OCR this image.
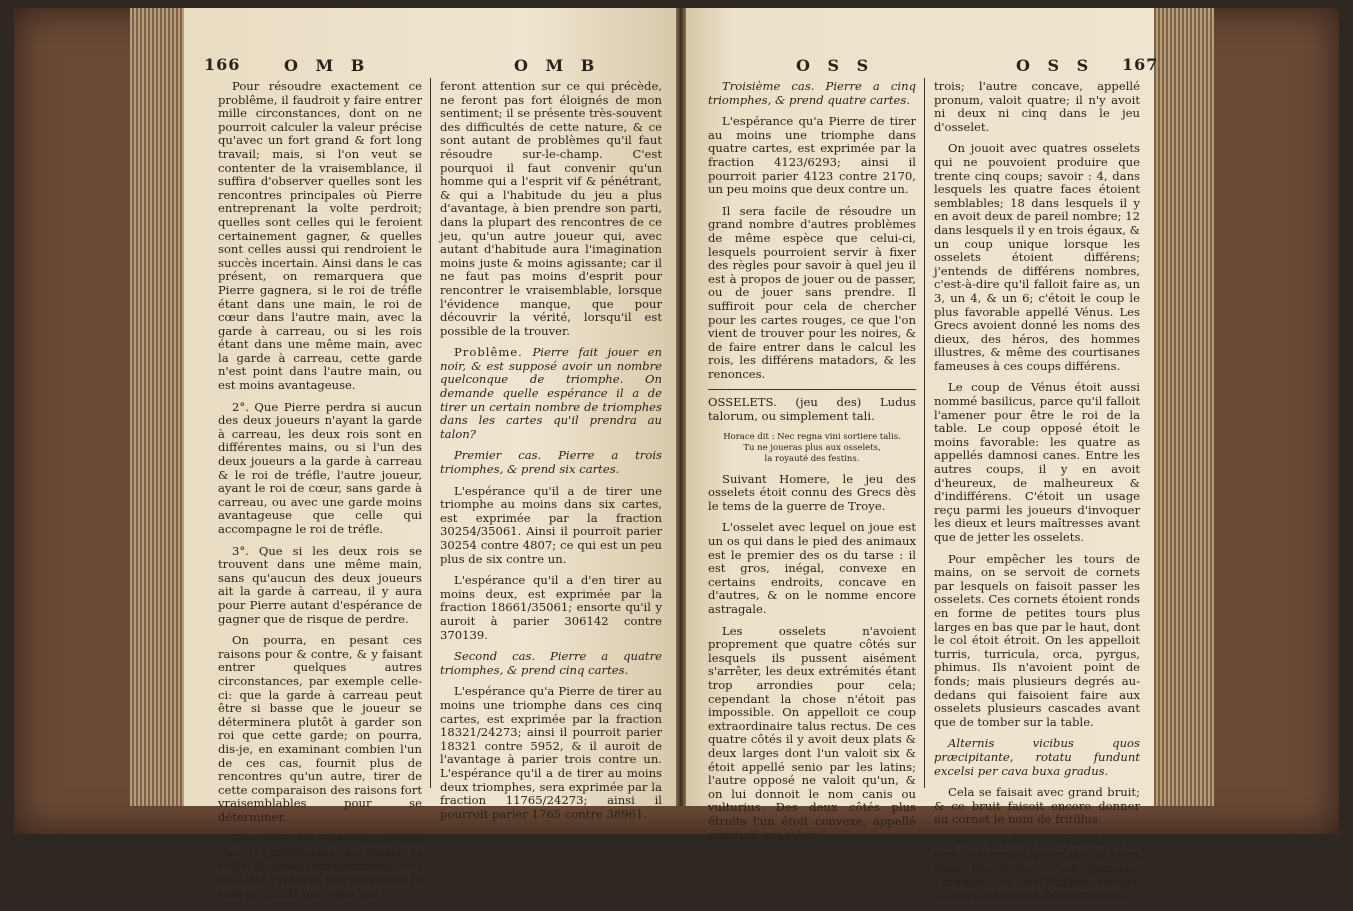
166	O M B	O M B

Pour résoudre exactement ce problême, il faudroit y faire entrer mille circonstances, dont on ne pourroit calculer la valeur précise qu'avec un fort grand & fort long travail; mais, si l'on veut se contenter de la vraisemblance, il suffira d'observer quelles sont les rencontres principales où Pierre entreprenant la volte perdroit; quelles sont celles qui le feroient certainement gagner, & quelles sont celles aussi qui rendroient le succès incertain. Ainsi dans le cas présent, on remarquera que Pierre gagnera, si le roi de tréfle étant dans une main, le roi de cœur dans l'autre main, avec la garde à carreau, ou si les rois étant dans une même main, avec la garde à carreau, cette garde n'est point dans l'autre main, ou est moins avantageuse.

2°. Que Pierre perdra si aucun des deux joueurs n'ayant la garde à carreau, les deux rois sont en différentes mains, ou si l'un des deux joueurs a la garde à carreau & le roi de tréfle, l'autre joueur, ayant le roi de cœur, sans garde à carreau, ou avec une garde moins avantageuse que celle qui accompagne le roi de tréfle.

3°. Que si les deux rois se trouvent dans une même main, sans qu'aucun des deux joueurs ait la garde à carreau, il y aura pour Pierre autant d'espérance de gagner que de risque de perdre.

On pourra, en pesant ces raisons pour & contre, & y faisant entrer quelques autres circonstances, par exemple celle-ci: que la garde à carreau peut être si basse que le joueur se déterminera plutôt à garder son roi que cette garde; on pourra, dis-je, en examinant combien l'un de ces cas, fournit plus de rencontres qu'un autre, tirer de cette comparaison des raisons fort vraisemblables pour se déterminer.

Pour moi, dit Montmor, j'avoue que je préférerois de tenter la volte; & quoiqu'apparemment cela n'ait été pratiqué par personne, je suis persuadé que ceux qui

feront attention sur ce qui précède, ne feront pas fort éloignés de mon sentiment; il se présente très-souvent des difficultés de cette nature, & ce sont autant de problèmes qu'il faut résoudre sur-le-champ. C'est pourquoi il faut convenir qu'un homme qui a l'esprit vif & pénétrant, & qui a l'habitude du jeu a plus d'avantage, à bien prendre son parti, dans la plupart des rencontres de ce jeu, qu'un autre joueur qui, avec autant d'habitude aura l'imagination moins juste & moins agissante; car il ne faut pas moins d'esprit pour rencontrer le vraisemblable, lorsque l'évidence manque, que pour découvrir la vérité, lorsqu'il est possible de la trouver.

Problême. Pierre fait jouer en noir, & est supposé avoir un nombre quelconque de triomphe. On demande quelle espérance il a de tirer un certain nombre de triomphes dans les cartes qu'il prendra au talon?

Premier cas. Pierre a trois triomphes, & prend six cartes.

L'espérance qu'il a de tirer une triomphe au moins dans six cartes, est exprimée par la fraction 30254/35061. Ainsi il pourroit parier 30254 contre 4807; ce qui est un peu plus de six contre un.

L'espérance qu'il a d'en tirer au moins deux, est exprimée par la fraction 18661/35061; ensorte qu'il y auroit à parier 306142 contre 370139.

Second cas. Pierre a quatre triomphes, & prend cinq cartes.

L'espérance qu'a Pierre de tirer au moins une triomphe dans ces cinq cartes, est exprimée par la fraction 18321/24273; ainsi il pourroit parier 18321 contre 5952, & il auroit de l'avantage à parier trois contre un. L'espérance qu'il a de tirer au moins deux triomphes, sera exprimée par la fraction 11765/24273; ainsi il pourroit parier 1765 contre 38961.

O S S	O S S 167

Troisième cas. Pierre a cinq triomphes, & prend quatre cartes.

L'espérance qu'a Pierre de tirer au moins une triomphe dans quatre cartes, est exprimée par la fraction 4123/6293; ainsi il pourroit parier 4123 contre 2170, un peu moins que deux contre un.

Il sera facile de résoudre un grand nombre d'autres problèmes de même espèce que celui-ci, lesquels pourroient servir à fixer des règles pour savoir à quel jeu il est à propos de jouer ou de passer, ou de jouer sans prendre. Il suffiroit pour cela de chercher pour les cartes rouges, ce que l'on vient de trouver pour les noires, & de faire entrer dans le calcul les rois, les différens matadors, & les renonces.

OSSELETS. (jeu des) Ludus talorum, ou simplement tali.

Horace dit : Nec regna vini sortiere talis.
Tu ne joueras plus aux osselets,
la royauté des festins.

Suivant Homere, le jeu des osselets étoit connu des Grecs dès le tems de la guerre de Troye.

L'osselet avec lequel on joue est un os qui dans le pied des animaux est le premier des os du tarse : il est gros, inégal, convexe en certains endroits, concave en d'autres, & on le nomme encore astragale.

Les osselets n'avoient proprement que quatre côtés sur lesquels ils pussent aisément s'arrêter, les deux extrémités étant trop arrondies pour cela; cependant la chose n'étoit pas impossible. On appelloit ce coup extraordinaire talus rectus. De ces quatre côtés il y avoit deux plats & deux larges dont l'un valoit six & étoit appellé senio par les latins; l'autre opposé ne valoit qu'un, & on lui donnoit le nom canis ou vulturius. Des deux côtés plus étroits l'un étoit convexe, appellé supinum qui valoit

trois; l'autre concave, appellé pronum, valoit quatre; il n'y avoit ni deux ni cinq dans le jeu d'osselet.

On jouoit avec quatres osselets qui ne pouvoient produire que trente cinq coups; savoir : 4, dans lesquels les quatre faces étoient semblables; 18 dans lesquels il y en avoit deux de pareil nombre; 12 dans lesquels il y en trois égaux, & un coup unique lorsque les osselets étoient différens; j'entends de différens nombres, c'est-à-dire qu'il falloit faire as, un 3, un 4, & un 6; c'étoit le coup le plus favorable appellé Vénus. Les Grecs avoient donné les noms des dieux, des héros, des hommes illustres, & même des courtisanes fameuses à ces coups différens.

Le coup de Vénus étoit aussi nommé basilicus, parce qu'il falloit l'amener pour être le roi de la table. Le coup opposé étoit le moins favorable: les quatre as appellés damnosi canes. Entre les autres coups, il y en avoit d'heureux, de malheureux & d'indifférens. C'étoit un usage reçu parmi les joueurs d'invoquer les dieux et leurs maîtresses avant que de jetter les osselets.

Pour empêcher les tours de mains, on se servoit de cornets par lesquels on faisoit passer les osselets. Ces cornets étoient ronds en forme de petites tours plus larges en bas que par le haut, dont le col étoit étroit. On les appelloit turris, turricula, orca, pyrgus, phimus. Ils n'avoient point de fonds; mais plusieurs degrés au-dedans qui faisoient faire aux osselets plusieurs cascades avant que de tomber sur la table.

Alternis vicibus quos præcipitante, rotatu fundunt excelsi per cava buxa gradus.

Cela se faisait avec grand bruit; & ce bruit faisoit encore donner au cornet le nom de fritillus.

Les osselets n'étoient au commencement qu'un jeu d'enfant chez les Grecs; c'est pourquoi Phraates, roi des Parthes, envoya des osselets dor à Démétrius roi
